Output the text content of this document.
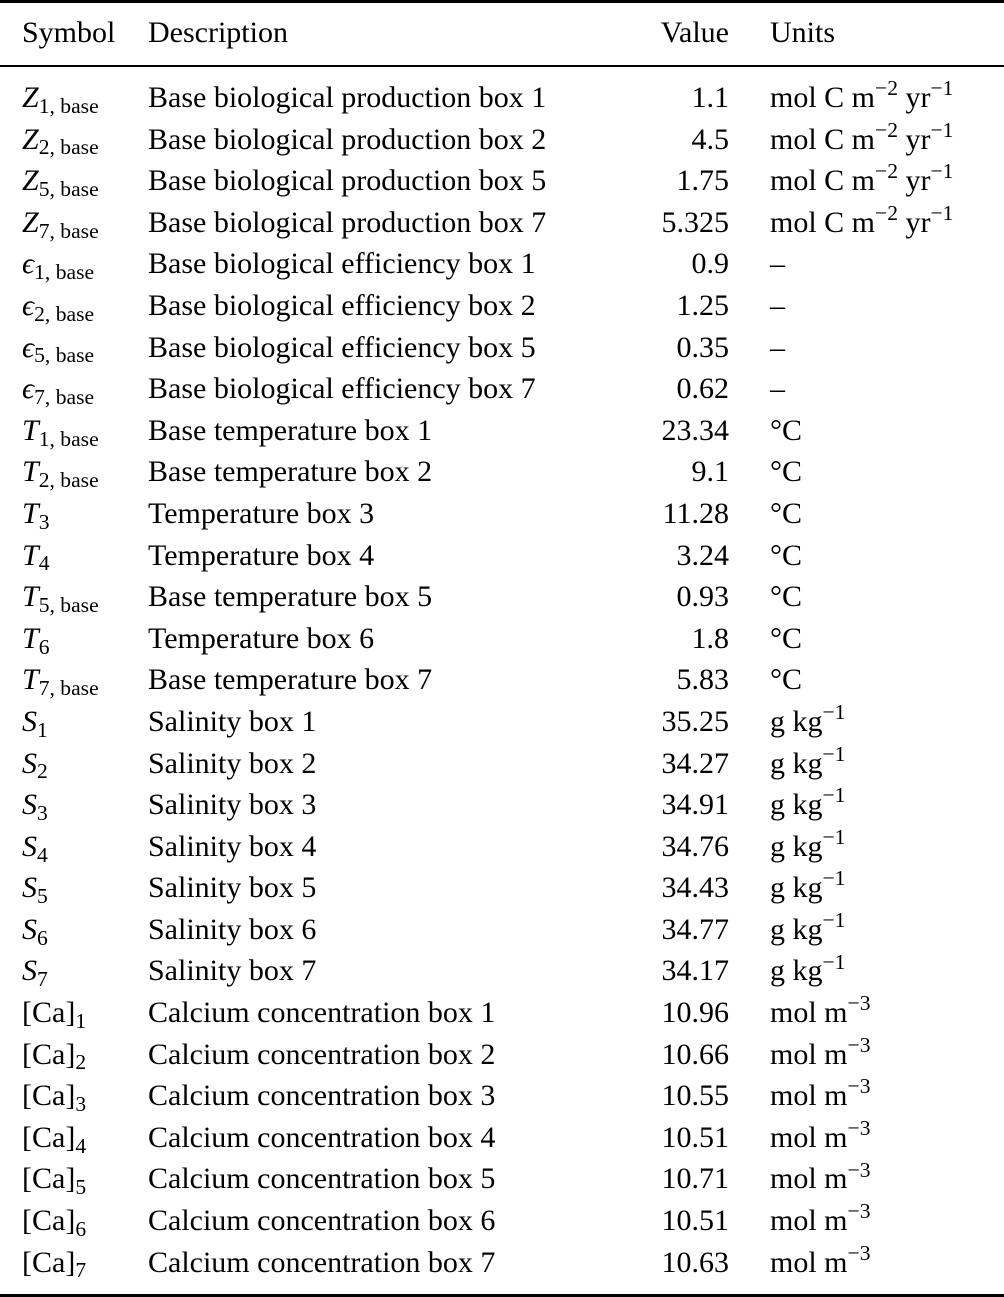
Symbol	Description	Value	Units
$Z_{1, base}$	Base biological production box 1	1.1	mol C $m^{-2}$ $yr^{-1}$
$Z_{2, base}$	Base biological production box 2	4.5	mol C $m^{-2}$ $yr^{-1}$
$Z_{5, base}$	Base biological production box 5	1.75	mol C $m^{-2}$ $yr^{-1}$
$Z_{7, base}$	Base biological production box 7	5.325	mol C $m^{-2}$ $yr^{-1}$
$\epsilon_{1, base}$	Base biological efficiency box 1	0.9	–
$\epsilon_{2, base}$	Base biological efficiency box 2	1.25	–
$\epsilon_{5, base}$	Base biological efficiency box 5	0.35	–
$\epsilon_{7, base}$	Base biological efficiency box 7	0.62	–
$T_{1, base}$	Base temperature box 1	23.34	°C
$T_{2, base}$	Base temperature box 2	9.1	°C
$T_3$	Temperature box 3	11.28	°C
$T_4$	Temperature box 4	3.24	°C
$T_{5, base}$	Base temperature box 5	0.93	°C
$T_6$	Temperature box 6	1.8	°C
$T_{7, base}$	Base temperature box 7	5.83	°C
$S_1$	Salinity box 1	35.25	g $kg^{-1}$
$S_2$	Salinity box 2	34.27	g $kg^{-1}$
$S_3$	Salinity box 3	34.91	g $kg^{-1}$
$S_4$	Salinity box 4	34.76	g $kg^{-1}$
$S_5$	Salinity box 5	34.43	g $kg^{-1}$
$S_6$	Salinity box 6	34.77	g $kg^{-1}$
$S_7$	Salinity box 7	34.17	g $kg^{-1}$
$[Ca]_1$	Calcium concentration box 1	10.96	mol $m^{-3}$
$[Ca]_2$	Calcium concentration box 2	10.66	mol $m^{-3}$
$[Ca]_3$	Calcium concentration box 3	10.55	mol $m^{-3}$
$[Ca]_4$	Calcium concentration box 4	10.51	mol $m^{-3}$
$[Ca]_5$	Calcium concentration box 5	10.71	mol $m^{-3}$
$[Ca]_6$	Calcium concentration box 6	10.51	mol $m^{-3}$
$[Ca]_7$	Calcium concentration box 7	10.63	mol $m^{-3}$
